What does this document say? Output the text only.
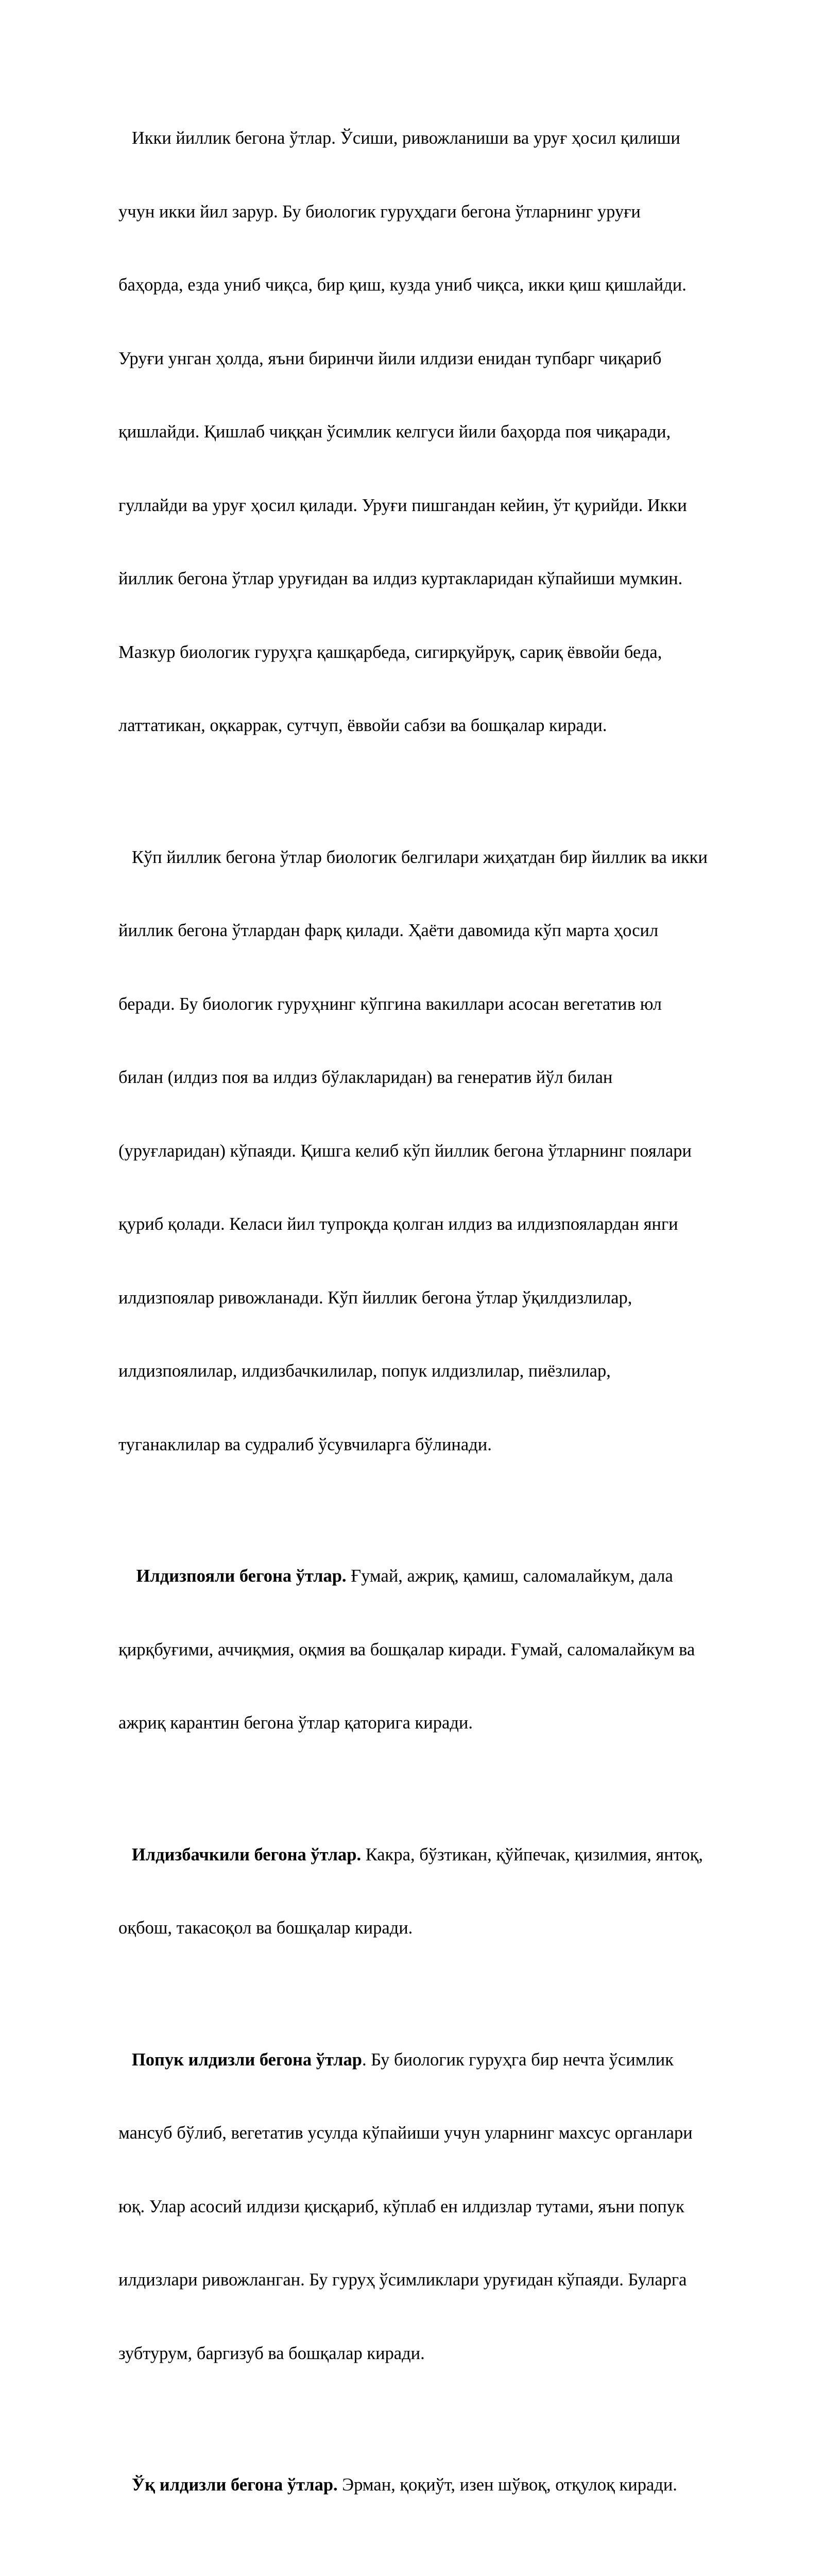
Икки йиллик бегона ўтлар. Ўсиши, ривожланиши ва уруғ ҳосил қилиши

учун икки йил зарур. Бу биологик гуруҳдаги бегона ўтларнинг уруғи

баҳорда, езда униб чиқса, бир қиш, кузда униб чиқса, икки қиш қишлайди.

Уруғи унган ҳолда, яъни биринчи йили илдизи енидан тупбарг чиқариб

қишлайди. Қишлаб чиққан ўсимлик келгуси йили баҳорда поя чиқаради,

гуллайди ва уруғ ҳосил қилади. Уруғи пишгандан кейин, ўт қурийди. Икки

йиллик бегона ўтлар уруғидан ва илдиз куртакларидан кўпайиши мумкин.

Мазкур биологик гуруҳга қашқарбеда, сигирқуйруқ, сариқ ёввойи беда,

латтатикан, оқкаррак, сутчуп, ёввойи сабзи ва бошқалар киради.

Кўп йиллик бегона ўтлар биологик белгилари жиҳатдан бир йиллик ва икки

йиллик бегона ўтлардан фарқ қилади. Ҳаёти давомида кўп марта ҳосил

беради. Бу биологик гуруҳнинг кўпгина вакиллари асосан вегетатив юл

билан (илдиз поя ва илдиз бўлакларидан) ва генератив йўл билан

(уруғларидан) кўпаяди. Қишга келиб кўп йиллик бегона ўтларнинг поялари

қуриб қолади. Келаси йил тупроқда қолган илдиз ва илдизпоялардан янги

илдизпоялар ривожланади. Кўп йиллик бегона ўтлар ўқилдизлилар,

илдизпоялилар, илдизбачкилилар, попук илдизлилар, пиёзлилар,

туганаклилар ва судралиб ўсувчиларга бўлинади.

Илдизпояли бегона ўтлар. Ғумай, ажриқ, қамиш, саломалайкум, дала

қирқбуғими, аччиқмия, оқмия ва бошқалар киради. Ғумай, саломалайкум ва

ажриқ карантин бегона ўтлар қаторига киради.

Илдизбачкили бегона ўтлар. Какра, бўзтикан, қўйпечак, қизилмия, янтоқ,

оқбош, такасоқол ва бошқалар киради.

Попук илдизли бегона ўтлар. Бу биологик гуруҳга бир нечта ўсимлик

мансуб бўлиб, вегетатив усулда кўпайиши учун уларнинг махсус органлари

юқ. Улар асосий илдизи қисқариб, кўплаб ен илдизлар тутами, яъни попук

илдизлари ривожланган. Бу гуруҳ ўсимликлари уруғидан кўпаяди. Буларга

зубтурум, баргизуб ва бошқалар киради.

Ўқ илдизли бегона ўтлар. Эрман, қоқиўт, изен шўвоқ, отқулоқ киради.
